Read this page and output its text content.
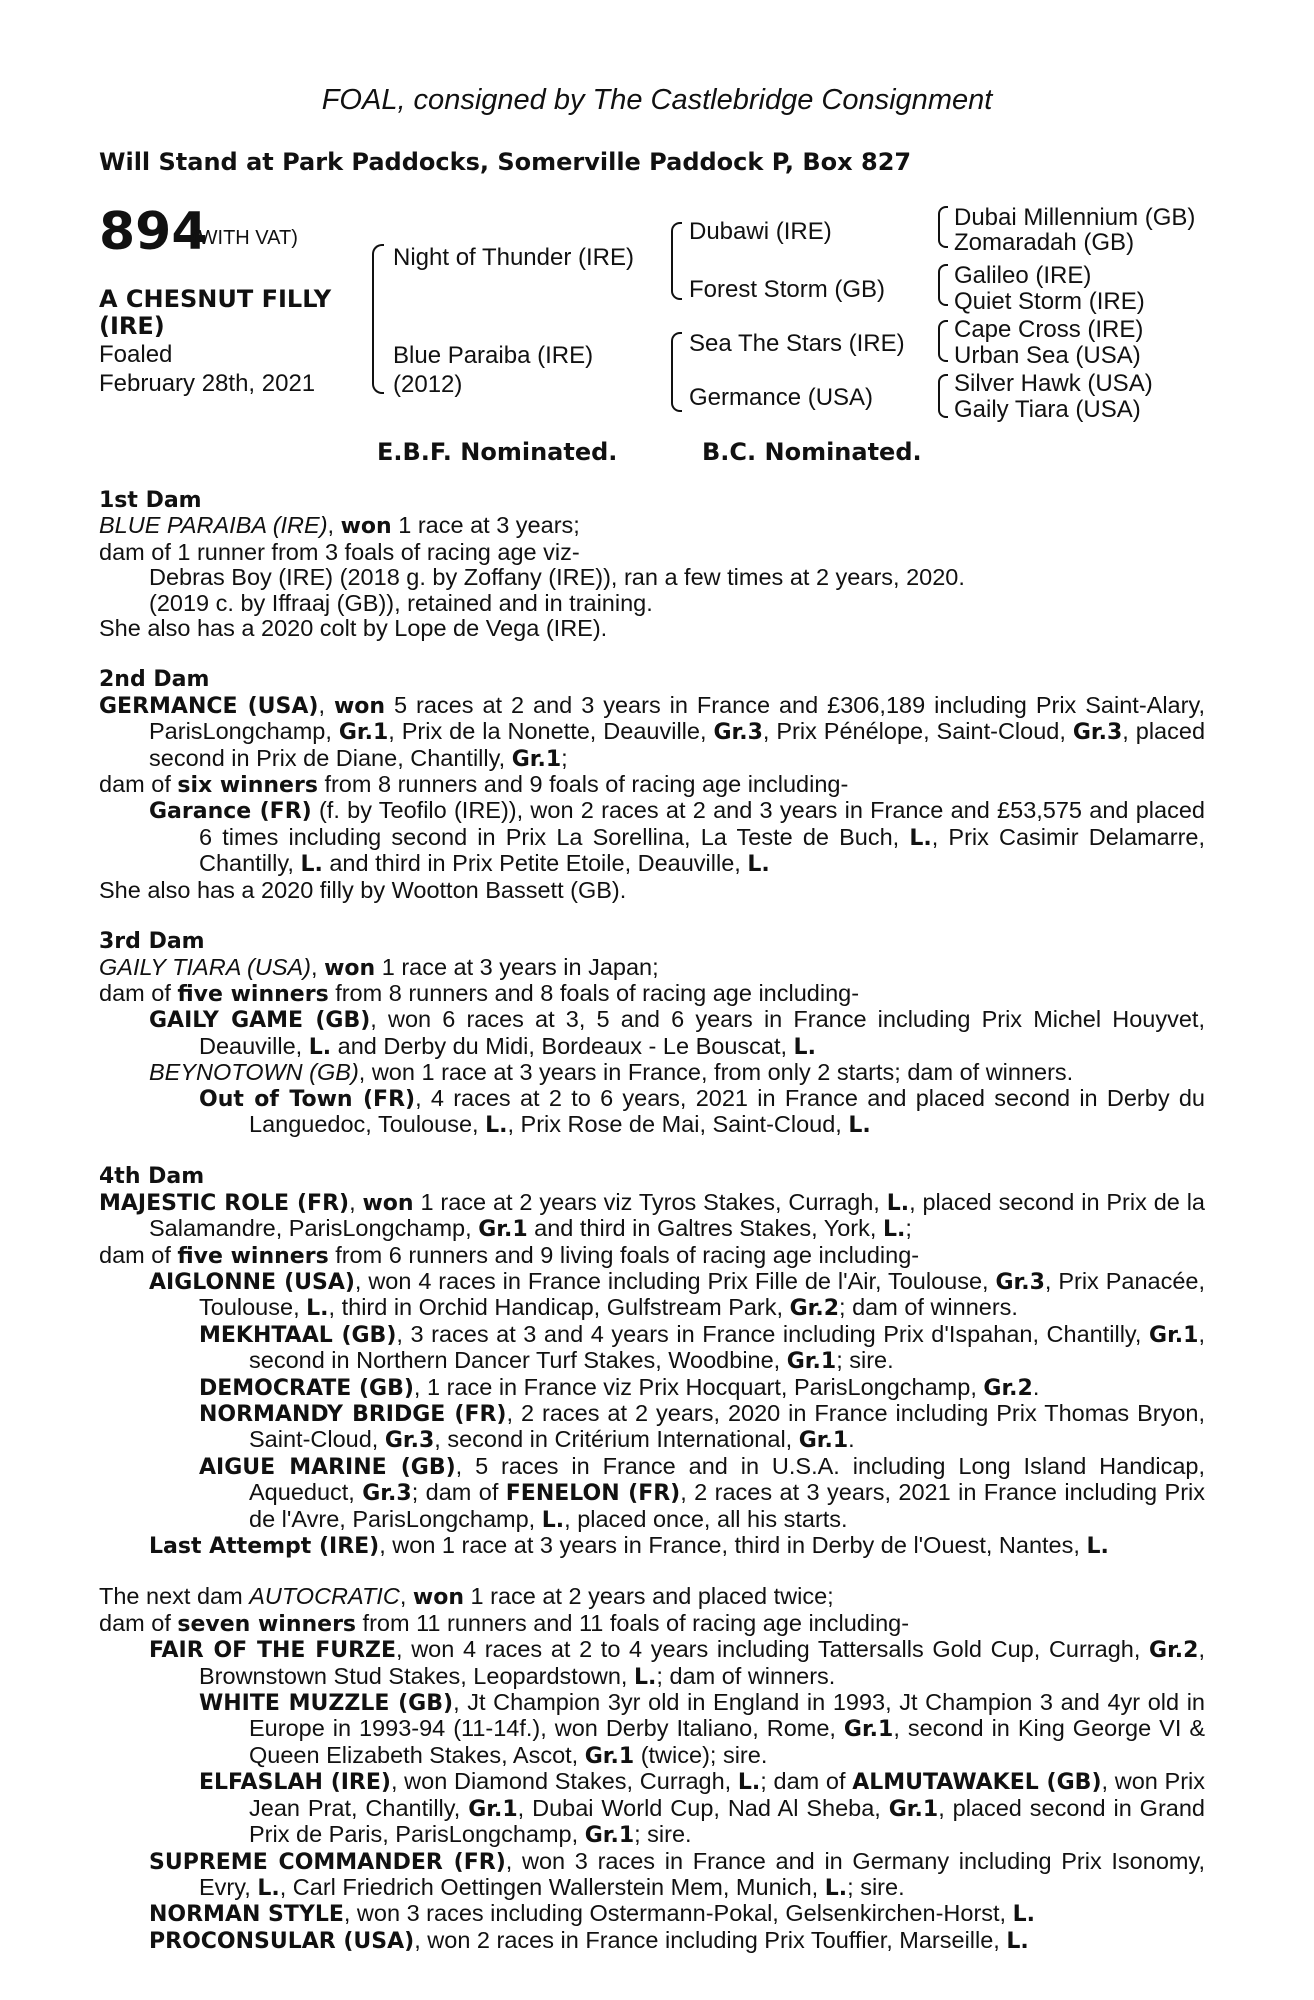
FOAL, consigned by The Castlebridge Consignment
Will Stand at Park Paddocks, Somerville Paddock P, Box 827
894
(WITH VAT)
A CHESNUT FILLY (IRE)
Foaled
February 28th, 2021
Night of Thunder (IRE)
Blue Paraiba (IRE)
(2012)
Dubawi (IRE)
Forest Storm (GB)
Sea The Stars (IRE)
Germance (USA)
Dubai Millennium (GB)
Zomaradah (GB)
Galileo (IRE)
Quiet Storm (IRE)
Cape Cross (IRE)
Urban Sea (USA)
Silver Hawk (USA)
Gaily Tiara (USA)
E.B.F. Nominated.	B.C. Nominated.
1st Dam
BLUE PARAIBA (IRE), won 1 race at 3 years;
dam of 1 runner from 3 foals of racing age viz-
Debras Boy (IRE) (2018 g. by Zoffany (IRE)), ran a few times at 2 years, 2020.
(2019 c. by Iffraaj (GB)), retained and in training.
She also has a 2020 colt by Lope de Vega (IRE).
2nd Dam
GERMANCE (USA), won 5 races at 2 and 3 years in France and £306,189 including Prix Saint-Alary, ParisLongchamp, Gr.1, Prix de la Nonette, Deauville, Gr.3, Prix Pénélope, Saint-Cloud, Gr.3, placed second in Prix de Diane, Chantilly, Gr.1;
dam of six winners from 8 runners and 9 foals of racing age including-
Garance (FR) (f. by Teofilo (IRE)), won 2 races at 2 and 3 years in France and £53,575 and placed 6 times including second in Prix La Sorellina, La Teste de Buch, L., Prix Casimir Delamarre, Chantilly, L. and third in Prix Petite Etoile, Deauville, L.
She also has a 2020 filly by Wootton Bassett (GB).
3rd Dam
GAILY TIARA (USA), won 1 race at 3 years in Japan;
dam of five winners from 8 runners and 8 foals of racing age including-
GAILY GAME (GB), won 6 races at 3, 5 and 6 years in France including Prix Michel Houyvet, Deauville, L. and Derby du Midi, Bordeaux - Le Bouscat, L.
BEYNOTOWN (GB), won 1 race at 3 years in France, from only 2 starts; dam of winners.
Out of Town (FR), 4 races at 2 to 6 years, 2021 in France and placed second in Derby du Languedoc, Toulouse, L., Prix Rose de Mai, Saint-Cloud, L.
4th Dam
MAJESTIC ROLE (FR), won 1 race at 2 years viz Tyros Stakes, Curragh, L., placed second in Prix de la Salamandre, ParisLongchamp, Gr.1 and third in Galtres Stakes, York, L.;
dam of five winners from 6 runners and 9 living foals of racing age including-
AIGLONNE (USA), won 4 races in France including Prix Fille de l'Air, Toulouse, Gr.3, Prix Panacée, Toulouse, L., third in Orchid Handicap, Gulfstream Park, Gr.2; dam of winners.
MEKHTAAL (GB), 3 races at 3 and 4 years in France including Prix d'Ispahan, Chantilly, Gr.1, second in Northern Dancer Turf Stakes, Woodbine, Gr.1; sire.
DEMOCRATE (GB), 1 race in France viz Prix Hocquart, ParisLongchamp, Gr.2.
NORMANDY BRIDGE (FR), 2 races at 2 years, 2020 in France including Prix Thomas Bryon, Saint-Cloud, Gr.3, second in Critérium International, Gr.1.
AIGUE MARINE (GB), 5 races in France and in U.S.A. including Long Island Handicap, Aqueduct, Gr.3; dam of FENELON (FR), 2 races at 3 years, 2021 in France including Prix de l'Avre, ParisLongchamp, L., placed once, all his starts.
Last Attempt (IRE), won 1 race at 3 years in France, third in Derby de l'Ouest, Nantes, L.
The next dam AUTOCRATIC, won 1 race at 2 years and placed twice;
dam of seven winners from 11 runners and 11 foals of racing age including-
FAIR OF THE FURZE, won 4 races at 2 to 4 years including Tattersalls Gold Cup, Curragh, Gr.2, Brownstown Stud Stakes, Leopardstown, L.; dam of winners.
WHITE MUZZLE (GB), Jt Champion 3yr old in England in 1993, Jt Champion 3 and 4yr old in Europe in 1993-94 (11-14f.), won Derby Italiano, Rome, Gr.1, second in King George VI & Queen Elizabeth Stakes, Ascot, Gr.1 (twice); sire.
ELFASLAH (IRE), won Diamond Stakes, Curragh, L.; dam of ALMUTAWAKEL (GB), won Prix Jean Prat, Chantilly, Gr.1, Dubai World Cup, Nad Al Sheba, Gr.1, placed second in Grand Prix de Paris, ParisLongchamp, Gr.1; sire.
SUPREME COMMANDER (FR), won 3 races in France and in Germany including Prix Isonomy, Evry, L., Carl Friedrich Oettingen Wallerstein Mem, Munich, L.; sire.
NORMAN STYLE, won 3 races including Ostermann-Pokal, Gelsenkirchen-Horst, L.
PROCONSULAR (USA), won 2 races in France including Prix Touffier, Marseille, L.
